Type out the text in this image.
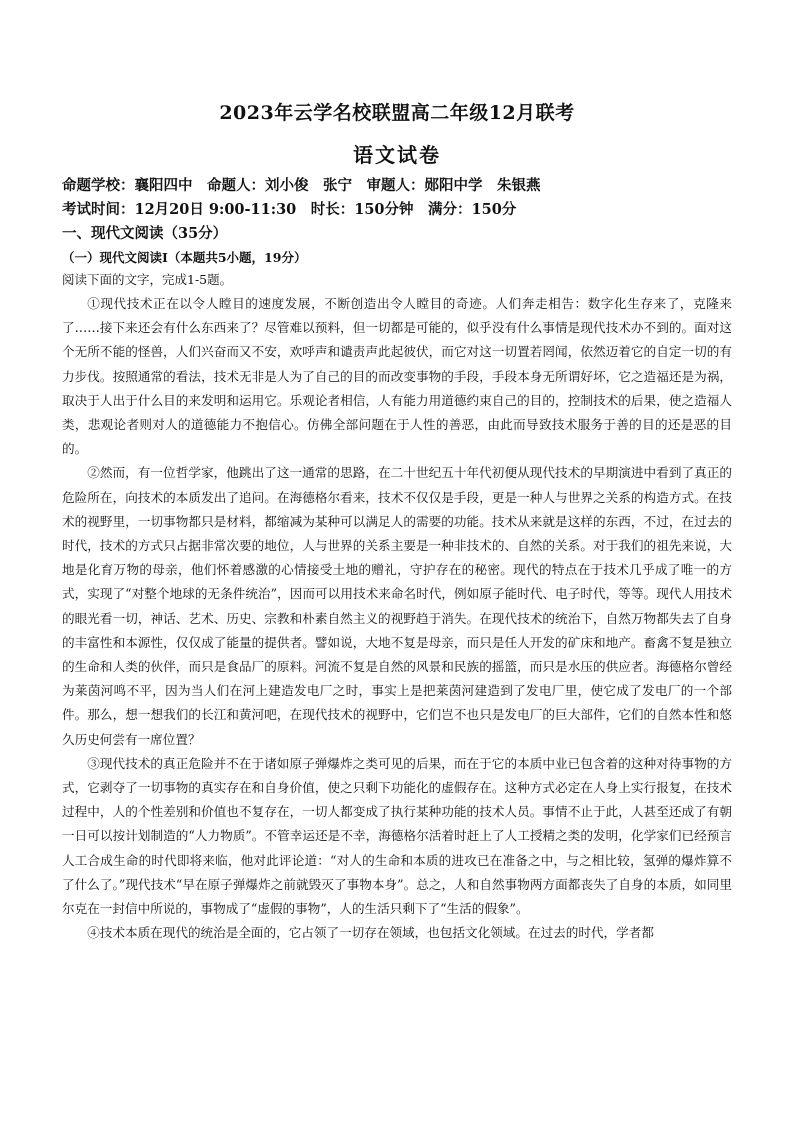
2023年云学名校联盟高二年级12月联考
语文试卷
命题学校：襄阳四中　命题人：刘小俊　张宁　审题人：郧阳中学　朱银燕
考试时间：12月20日 9:00-11:30　时长：150分钟　满分：150分
一、现代文阅读（35分）
（一）现代文阅读Ⅰ（本题共5小题，19分）
阅读下面的文字，完成1-5题。

①现代技术正在以令人瞠目的速度发展，不断创造出令人瞠目的奇迹。人们奔走相告：数字化生存来了，克隆来了……接下来还会有什么东西来了？尽管难以预料，但一切都是可能的，似乎没有什么事情是现代技术办不到的。面对这个无所不能的怪兽，人们兴奋而又不安，欢呼声和谴责声此起彼伏，而它对这一切置若罔闻，依然迈着它的自定一切的有力步伐。按照通常的看法，技术无非是人为了自己的目的而改变事物的手段，手段本身无所谓好坏，它之造福还是为祸，取决于人出于什么目的来发明和运用它。乐观论者相信，人有能力用道德约束自己的目的，控制技术的后果，使之造福人类，悲观论者则对人的道德能力不抱信心。仿佛全部问题在于人性的善恶，由此而导致技术服务于善的目的还是恶的目的。

②然而，有一位哲学家，他跳出了这一通常的思路，在二十世纪五十年代初便从现代技术的早期演进中看到了真正的危险所在，向技术的本质发出了追问。在海德格尔看来，技术不仅仅是手段，更是一种人与世界之关系的构造方式。在技术的视野里，一切事物都只是材料，都缩减为某种可以满足人的需要的功能。技术从来就是这样的东西，不过，在过去的时代，技术的方式只占据非常次要的地位，人与世界的关系主要是一种非技术的、自然的关系。对于我们的祖先来说，大地是化育万物的母亲，他们怀着感激的心情接受土地的赠礼，守护存在的秘密。现代的特点在于技术几乎成了唯一的方式，实现了“对整个地球的无条件统治”，因而可以用技术来命名时代，例如原子能时代、电子时代，等等。现代人用技术的眼光看一切，神话、艺术、历史、宗教和朴素自然主义的视野趋于消失。在现代技术的统治下，自然万物都失去了自身的丰富性和本源性，仅仅成了能量的提供者。譬如说，大地不复是母亲，而只是任人开发的矿床和地产。畜禽不复是独立的生命和人类的伙伴，而只是食品厂的原料。河流不复是自然的风景和民族的摇篮，而只是水压的供应者。海德格尔曾经为莱茵河鸣不平，因为当人们在河上建造发电厂之时，事实上是把莱茵河建造到了发电厂里，使它成了发电厂的一个部件。那么，想一想我们的长江和黄河吧，在现代技术的视野中，它们岂不也只是发电厂的巨大部件，它们的自然本性和悠久历史何尝有一席位置？

③现代技术的真正危险并不在于诸如原子弹爆炸之类可见的后果，而在于它的本质中业已包含着的这种对待事物的方式，它剥夺了一切事物的真实存在和自身价值，使之只剩下功能化的虚假存在。这种方式必定在人身上实行报复，在技术过程中，人的个性差别和价值也不复存在，一切人都变成了执行某种功能的技术人员。事情不止于此，人甚至还成了有朝一日可以按计划制造的“人力物质”。不管幸运还是不幸，海德格尔活着时赶上了人工授精之类的发明，化学家们已经预言人工合成生命的时代即将来临，他对此评论道：“对人的生命和本质的进攻已在准备之中，与之相比较，氢弹的爆炸算不了什么了。”现代技术“早在原子弹爆炸之前就毁灭了事物本身”。总之，人和自然事物两方面都丧失了自身的本质，如同里尔克在一封信中所说的，事物成了“虚假的事物”，人的生活只剩下了“生活的假象”。

④技术本质在现代的统治是全面的，它占领了一切存在领域，也包括文化领域。在过去的时代，学者都
